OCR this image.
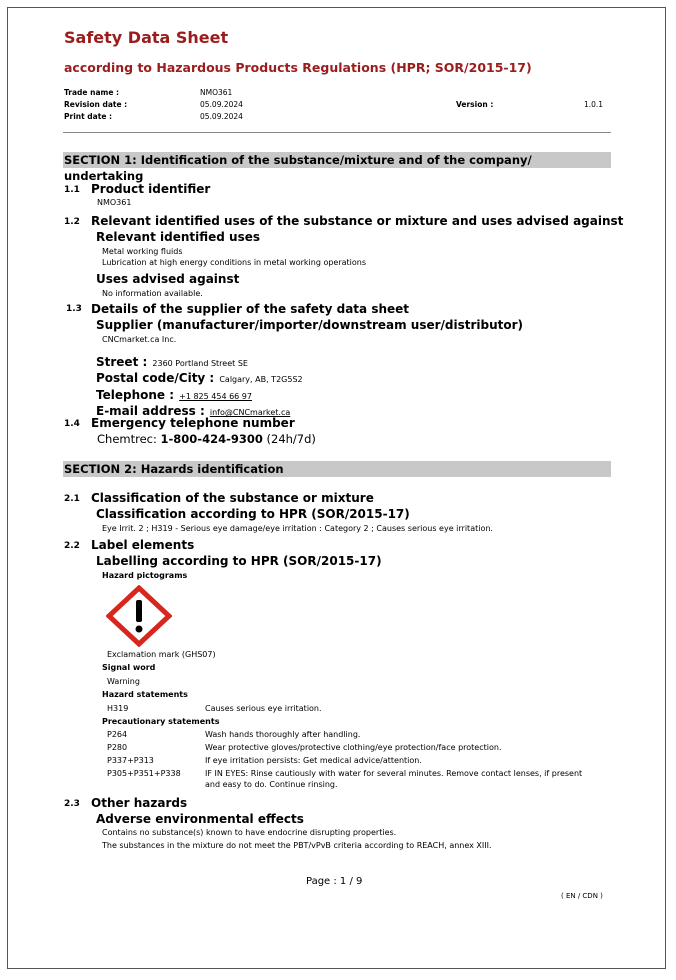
Safety Data Sheet
according to Hazardous Products Regulations (HPR; SOR/2015-17)
Trade name :	NMO361
Revision date :	05.09.2024	Version :	1.0.1
Print date :	05.09.2024
SECTION 1: Identification of the substance/mixture and of the company/ undertaking
1.1 Product identifier
NMO361
1.2 Relevant identified uses of the substance or mixture and uses advised against
Relevant identified uses
Metal working fluids
Lubrication at high energy conditions in metal working operations
Uses advised against
No information available.
1.3 Details of the supplier of the safety data sheet
Supplier (manufacturer/importer/downstream user/distributor)
CNCmarket.ca Inc.
Street : 2360 Portland Street SE
Postal code/City : Calgary, AB, T2G5S2
Telephone : +1 825 454 66 97
E-mail address : info@CNCmarket.ca
1.4 Emergency telephone number
Chemtrec: 1-800-424-9300 (24h/7d)
SECTION 2: Hazards identification
2.1 Classification of the substance or mixture
Classification according to HPR (SOR/2015-17)
Eye Irrit. 2 ; H319 - Serious eye damage/eye irritation : Category 2 ; Causes serious eye irritation.
2.2 Label elements
Labelling according to HPR (SOR/2015-17)
Hazard pictograms
Exclamation mark (GHS07)
Signal word
Warning
Hazard statements
H319	Causes serious eye irritation.
Precautionary statements
P264	Wash hands thoroughly after handling.
P280	Wear protective gloves/protective clothing/eye protection/face protection.
P337+P313	If eye irritation persists: Get medical advice/attention.
P305+P351+P338	IF IN EYES: Rinse cautiously with water for several minutes. Remove contact lenses, if present and easy to do. Continue rinsing.
2.3 Other hazards
Adverse environmental effects
Contains no substance(s) known to have endocrine disrupting properties.
The substances in the mixture do not meet the PBT/vPvB criteria according to REACH, annex XIII.
Page : 1 / 9
( EN / CDN )
